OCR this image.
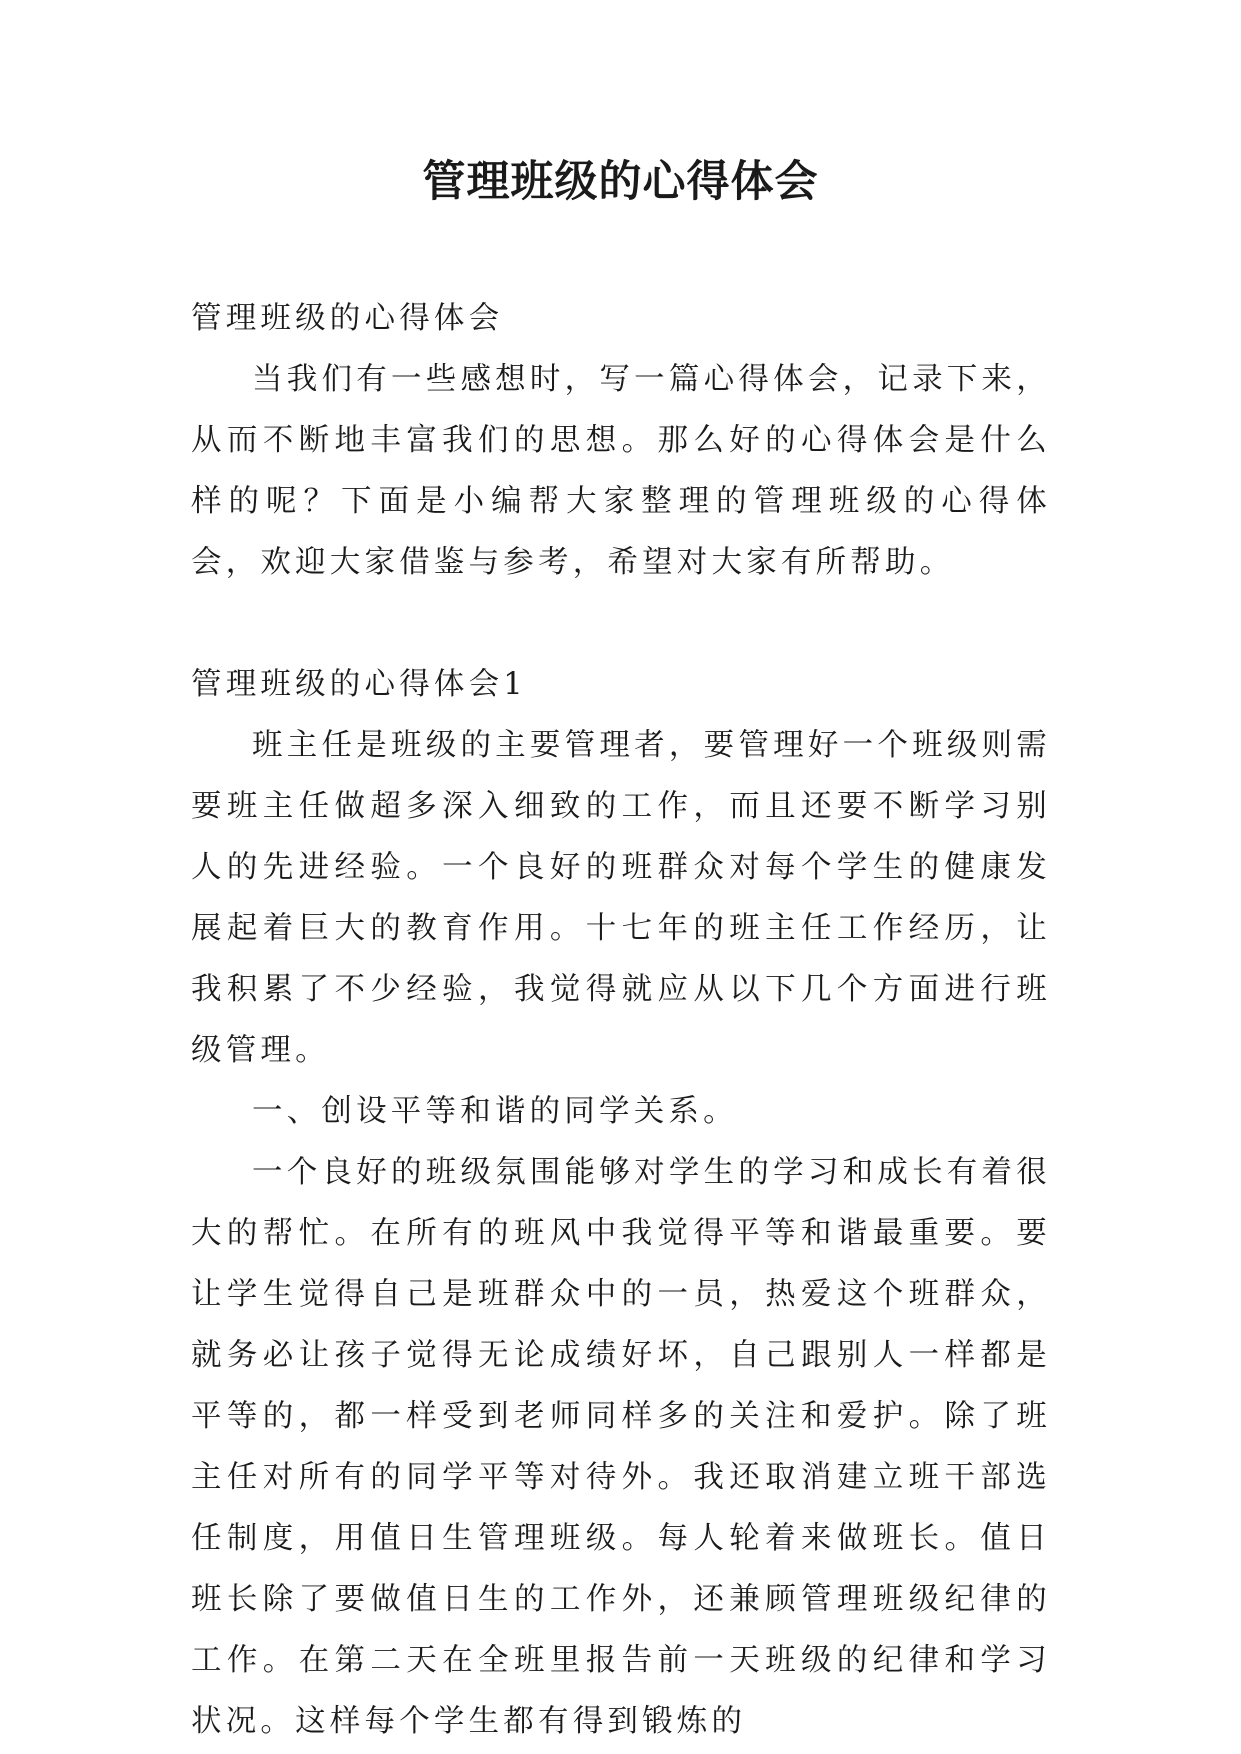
管理班级的心得体会

管理班级的心得体会

当我们有一些感想时，写一篇心得体会，记录下来，从而不断地丰富我们的思想。那么好的心得体会是什么样的呢？下面是小编帮大家整理的管理班级的心得体会，欢迎大家借鉴与参考，希望对大家有所帮助。

管理班级的心得体会1

班主任是班级的主要管理者，要管理好一个班级则需要班主任做超多深入细致的工作，而且还要不断学习别人的先进经验。一个良好的班群众对每个学生的健康发展起着巨大的教育作用。十七年的班主任工作经历，让我积累了不少经验，我觉得就应从以下几个方面进行班级管理。

一、创设平等和谐的同学关系。

一个良好的班级氛围能够对学生的学习和成长有着很大的帮忙。在所有的班风中我觉得平等和谐最重要。要让学生觉得自己是班群众中的一员，热爱这个班群众，就务必让孩子觉得无论成绩好坏，自己跟别人一样都是平等的，都一样受到老师同样多的关注和爱护。除了班主任对所有的同学平等对待外。我还取消建立班干部选任制度，用值日生管理班级。每人轮着来做班长。值日班长除了要做值日生的工作外，还兼顾管理班级纪律的工作。在第二天在全班里报告前一天班级的纪律和学习状况。这样每个学生都有得到锻炼的
